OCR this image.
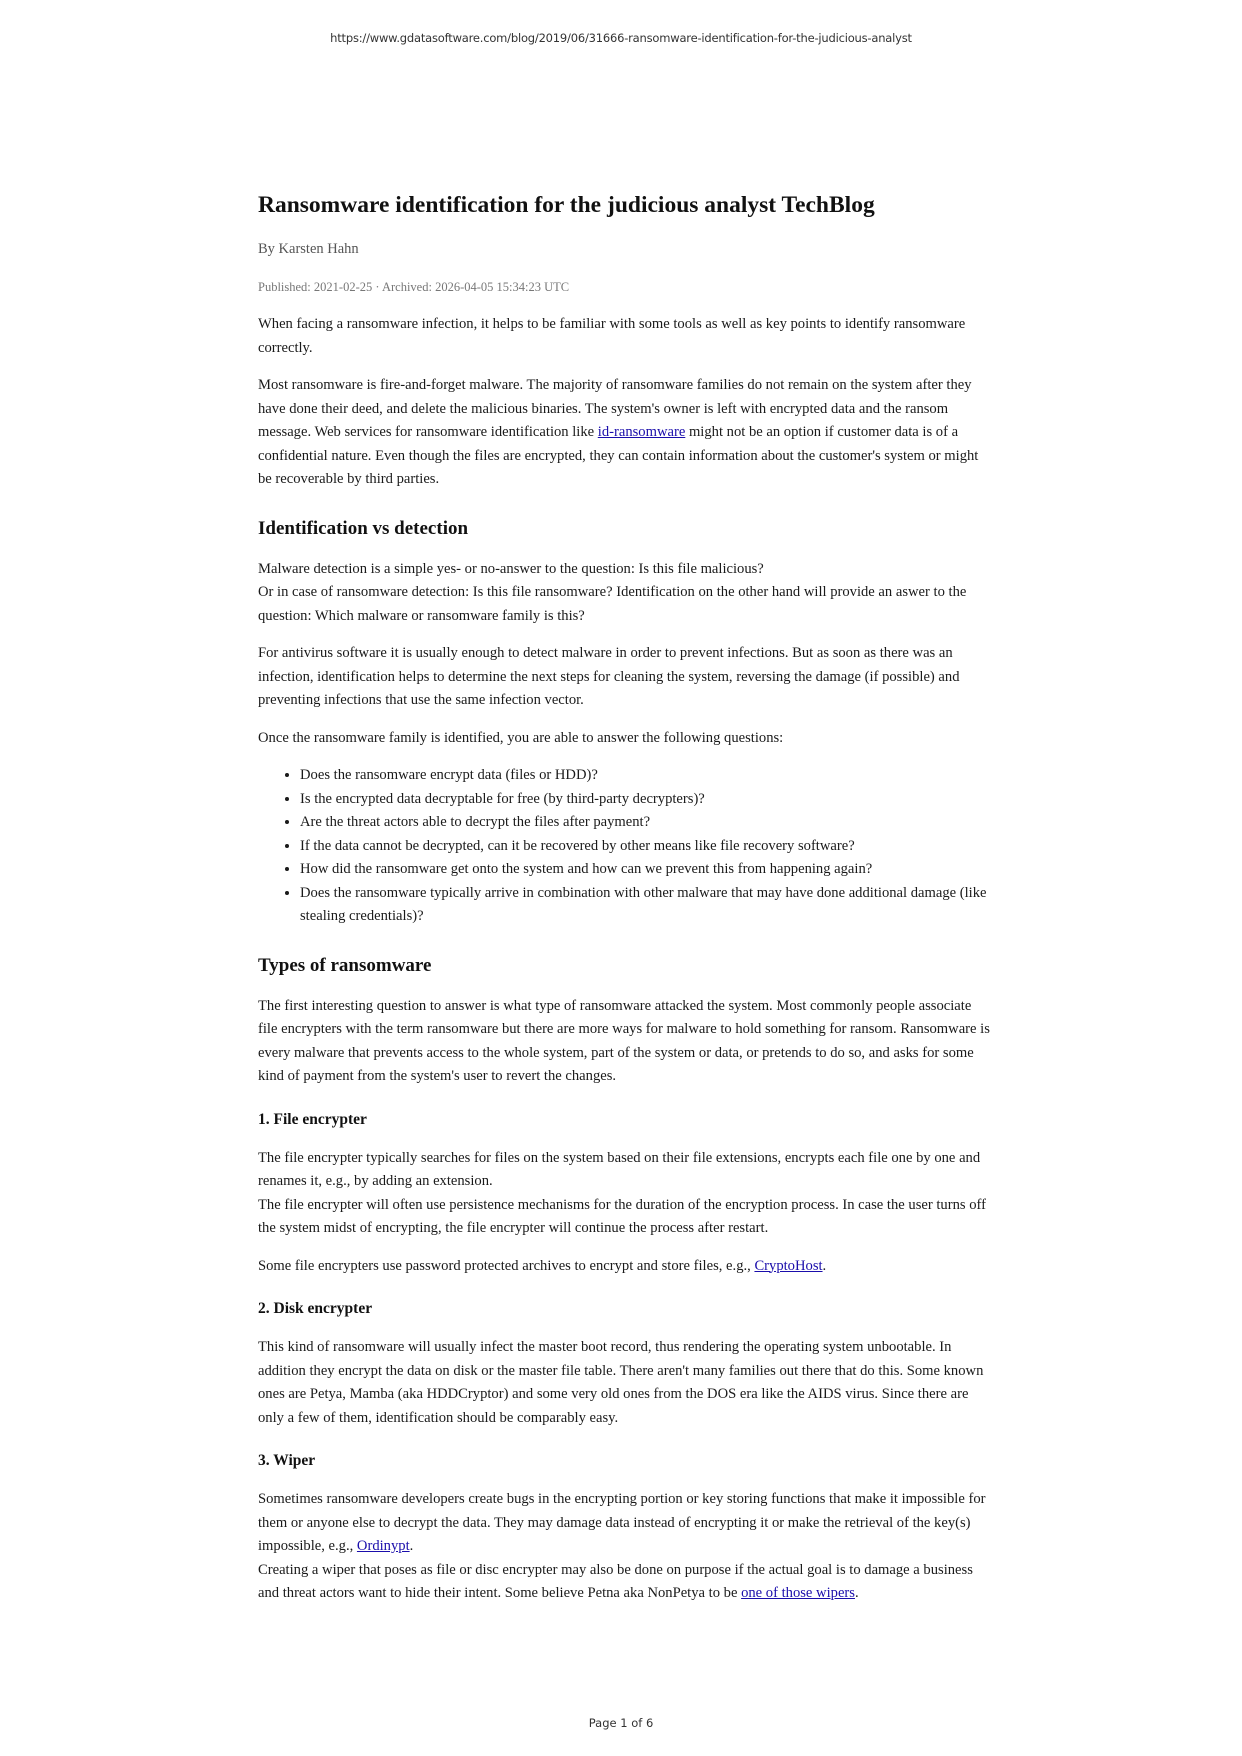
https://www.gdatasoftware.com/blog/2019/06/31666-ransomware-identification-for-the-judicious-analyst
Ransomware identification for the judicious analyst TechBlog
By Karsten Hahn
Published: 2021-02-25 · Archived: 2026-04-05 15:34:23 UTC

When facing a ransomware infection, it helps to be familiar with some tools as well as key points to identify ransomware correctly.

Most ransomware is fire-and-forget malware. The majority of ransomware families do not remain on the system after they have done their deed, and delete the malicious binaries. The system's owner is left with encrypted data and the ransom message. Web services for ransomware identification like id-ransomware might not be an option if customer data is of a confidential nature. Even though the files are encrypted, they can contain information about the customer's system or might be recoverable by third parties.

Identification vs detection

Malware detection is a simple yes- or no-answer to the question: Is this file malicious?
Or in case of ransomware detection: Is this file ransomware? Identification on the other hand will provide an aswer to the question: Which malware or ransomware family is this?

For antivirus software it is usually enough to detect malware in order to prevent infections. But as soon as there was an infection, identification helps to determine the next steps for cleaning the system, reversing the damage (if possible) and preventing infections that use the same infection vector.

Once the ransomware family is identified, you are able to answer the following questions:

• Does the ransomware encrypt data (files or HDD)?
• Is the encrypted data decryptable for free (by third-party decrypters)?
• Are the threat actors able to decrypt the files after payment?
• If the data cannot be decrypted, can it be recovered by other means like file recovery software?
• How did the ransomware get onto the system and how can we prevent this from happening again?
• Does the ransomware typically arrive in combination with other malware that may have done additional damage (like stealing credentials)?
Types of ransomware

The first interesting question to answer is what type of ransomware attacked the system. Most commonly people associate file encrypters with the term ransomware but there are more ways for malware to hold something for ransom. Ransomware is every malware that prevents access to the whole system, part of the system or data, or pretends to do so, and asks for some kind of payment from the system's user to revert the changes.

1. File encrypter

The file encrypter typically searches for files on the system based on their file extensions, encrypts each file one by one and renames it, e.g., by adding an extension.
The file encrypter will often use persistence mechanisms for the duration of the encryption process. In case the user turns off the system midst of encrypting, the file encrypter will continue the process after restart.

Some file encrypters use password protected archives to encrypt and store files, e.g., CryptoHost.

2. Disk encrypter

This kind of ransomware will usually infect the master boot record, thus rendering the operating system unbootable. In addition they encrypt the data on disk or the master file table. There aren't many families out there that do this. Some known ones are Petya, Mamba (aka HDDCryptor) and some very old ones from the DOS era like the AIDS virus. Since there are only a few of them, identification should be comparably easy.

3. Wiper

Sometimes ransomware developers create bugs in the encrypting portion or key storing functions that make it impossible for them or anyone else to decrypt the data. They may damage data instead of encrypting it or make the retrieval of the key(s) impossible, e.g., Ordinypt.
Creating a wiper that poses as file or disc encrypter may also be done on purpose if the actual goal is to damage a business and threat actors want to hide their intent. Some believe Petna aka NonPetya to be one of those wipers.

Page 1 of 6
